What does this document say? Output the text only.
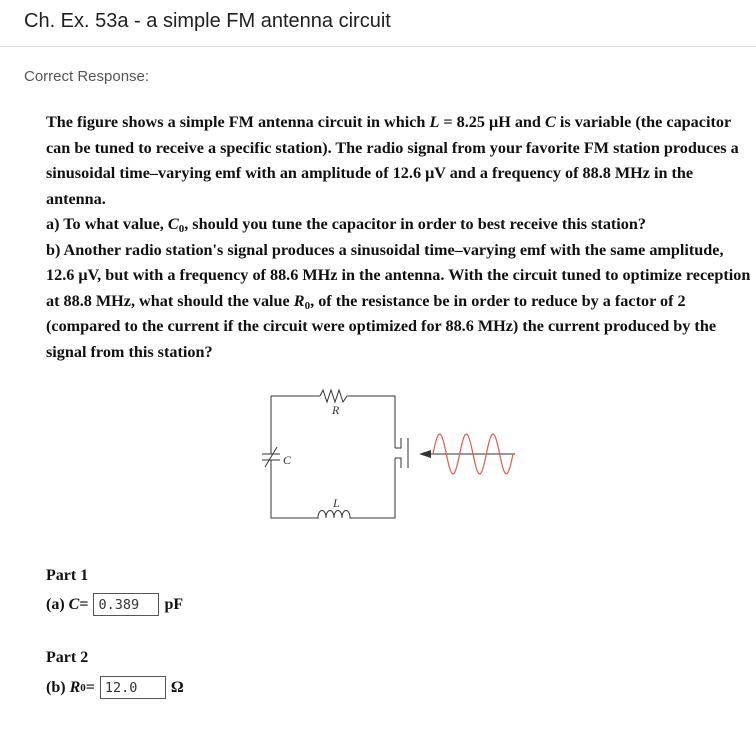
Ch. Ex. 53a - a simple FM antenna circuit
Correct Response:

The figure shows a simple FM antenna circuit in which L = 8.25 μH and C is variable (the capacitor can be tuned to receive a specific station). The radio signal from your favorite FM station produces a sinusoidal time–varying emf with an amplitude of 12.6 μV and a frequency of 88.8 MHz in the antenna.

a) To what value, $C_0$, should you tune the capacitor in order to best receive this station?

b) Another radio station's signal produces a sinusoidal time–varying emf with the same amplitude, 12.6 μV, but with a frequency of 88.6 MHz in the antenna. With the circuit tuned to optimize reception at 88.8 MHz, what should the value $R_0$, of the resistance be in order to reduce by a factor of 2 (compared to the current if the circuit were optimized for 88.6 MHz) the current produced by the signal from this station?

R
C
L
Part 1
(a)
C = 0.389	pF
Part 2
(b)
R 0 = 12.0	Ω
